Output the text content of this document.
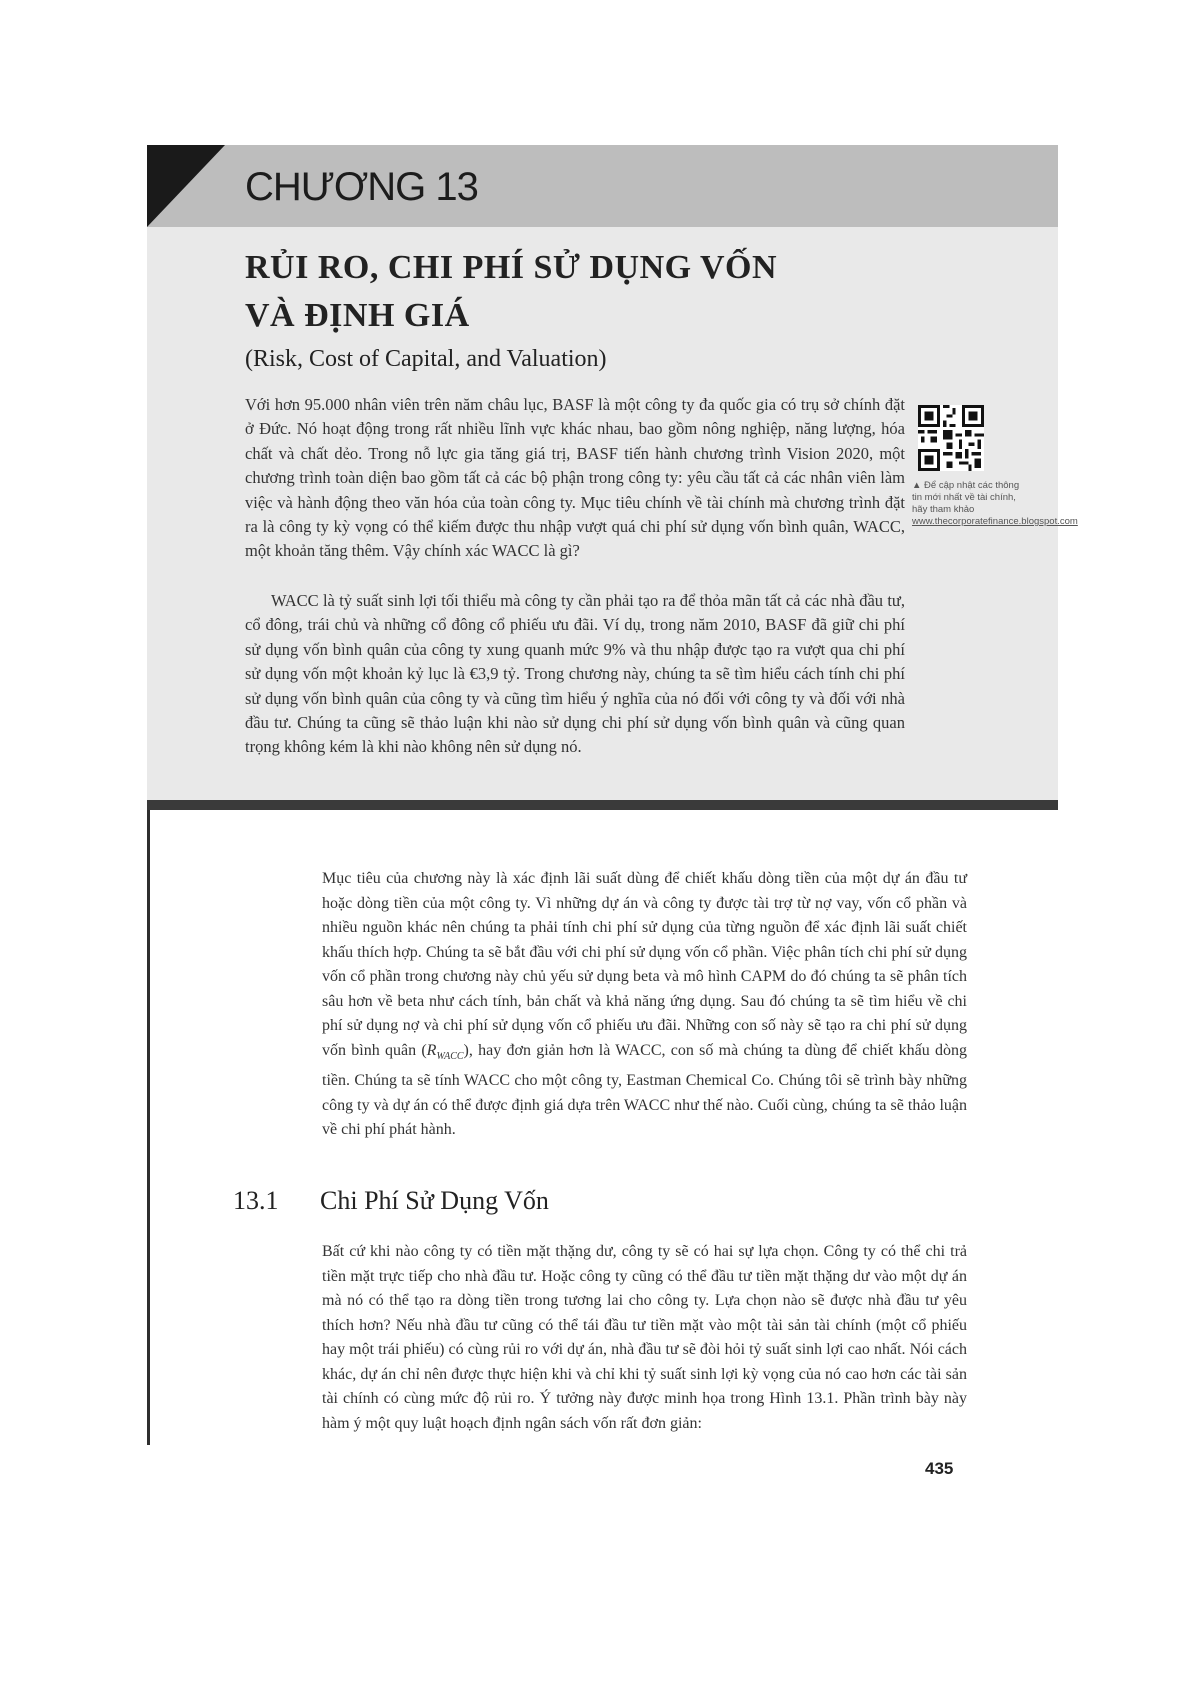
CHƯƠNG 13
RỦI RO, CHI PHÍ SỬ DỤNG VỐN
VÀ ĐỊNH GIÁ
(Risk, Cost of Capital, and Valuation)

Với hơn 95.000 nhân viên trên năm châu lục, BASF là một công ty đa quốc gia có trụ sở chính đặt ở Đức. Nó hoạt động trong rất nhiều lĩnh vực khác nhau, bao gồm nông nghiệp, năng lượng, hóa chất và chất dẻo. Trong nỗ lực gia tăng giá trị, BASF tiến hành chương trình Vision 2020, một chương trình toàn diện bao gồm tất cả các bộ phận trong công ty: yêu cầu tất cả các nhân viên làm việc và hành động theo văn hóa của toàn công ty. Mục tiêu chính về tài chính mà chương trình đặt ra là công ty kỳ vọng có thể kiếm được thu nhập vượt quá chi phí sử dụng vốn bình quân, WACC, một khoản tăng thêm. Vậy chính xác WACC là gì?

WACC là tỷ suất sinh lợi tối thiểu mà công ty cần phải tạo ra để thỏa mãn tất cả các nhà đầu tư, cổ đông, trái chủ và những cổ đông cổ phiếu ưu đãi. Ví dụ, trong năm 2010, BASF đã giữ chi phí sử dụng vốn bình quân của công ty xung quanh mức 9% và thu nhập được tạo ra vượt qua chi phí sử dụng vốn một khoản kỷ lục là €3,9 tỷ. Trong chương này, chúng ta sẽ tìm hiểu cách tính chi phí sử dụng vốn bình quân của công ty và cũng tìm hiểu ý nghĩa của nó đối với công ty và đối với nhà đầu tư. Chúng ta cũng sẽ thảo luận khi nào sử dụng chi phí sử dụng vốn bình quân và cũng quan trọng không kém là khi nào không nên sử dụng nó.

▲ Để cập nhật các thông tin mới nhất về tài chính, hãy tham khảo www.thecorporatefinance.blogspot.com

Mục tiêu của chương này là xác định lãi suất dùng để chiết khấu dòng tiền của một dự án đầu tư hoặc dòng tiền của một công ty. Vì những dự án và công ty được tài trợ từ nợ vay, vốn cổ phần và nhiều nguồn khác nên chúng ta phải tính chi phí sử dụng của từng nguồn để xác định lãi suất chiết khấu thích hợp. Chúng ta sẽ bắt đầu với chi phí sử dụng vốn cổ phần. Việc phân tích chi phí sử dụng vốn cổ phần trong chương này chủ yếu sử dụng beta và mô hình CAPM do đó chúng ta sẽ phân tích sâu hơn về beta như cách tính, bản chất và khả năng ứng dụng. Sau đó chúng ta sẽ tìm hiểu về chi phí sử dụng nợ và chi phí sử dụng vốn cổ phiếu ưu đãi. Những con số này sẽ tạo ra chi phí sử dụng vốn bình quân $(R_{WACC})$, hay đơn giản hơn là WACC, con số mà chúng ta dùng để chiết khấu dòng tiền. Chúng ta sẽ tính WACC cho một công ty, Eastman Chemical Co. Chúng tôi sẽ trình bày những công ty và dự án có thể được định giá dựa trên WACC như thế nào. Cuối cùng, chúng ta sẽ thảo luận về chi phí phát hành.

13.1 Chi Phí Sử Dụng Vốn

Bất cứ khi nào công ty có tiền mặt thặng dư, công ty sẽ có hai sự lựa chọn. Công ty có thể chi trả tiền mặt trực tiếp cho nhà đầu tư. Hoặc công ty cũng có thể đầu tư tiền mặt thặng dư vào một dự án mà nó có thể tạo ra dòng tiền trong tương lai cho công ty. Lựa chọn nào sẽ được nhà đầu tư yêu thích hơn? Nếu nhà đầu tư cũng có thể tái đầu tư tiền mặt vào một tài sản tài chính (một cổ phiếu hay một trái phiếu) có cùng rủi ro với dự án, nhà đầu tư sẽ đòi hỏi tỷ suất sinh lợi cao nhất. Nói cách khác, dự án chỉ nên được thực hiện khi và chỉ khi tỷ suất sinh lợi kỳ vọng của nó cao hơn các tài sản tài chính có cùng mức độ rủi ro. Ý tưởng này được minh họa trong Hình 13.1. Phần trình bày này hàm ý một quy luật hoạch định ngân sách vốn rất đơn giản:

435
